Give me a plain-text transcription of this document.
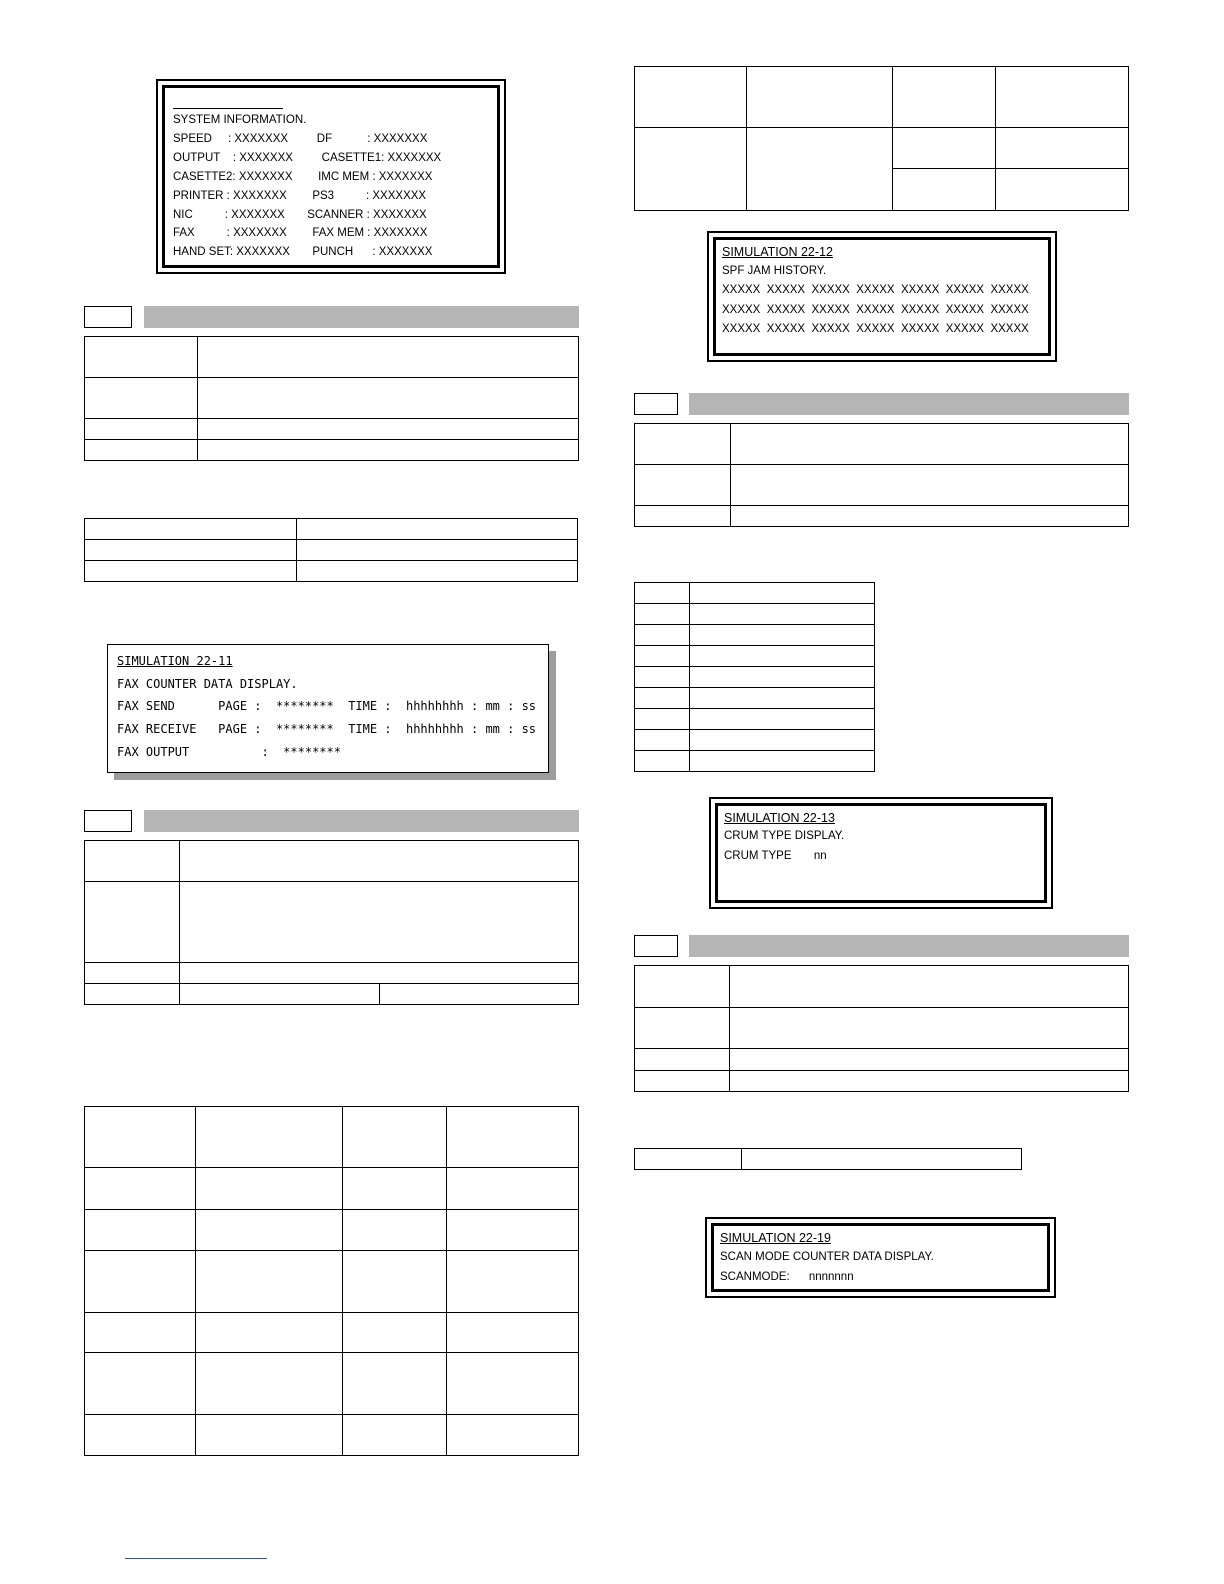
SYSTEM INFORMATION.
SPEED     : XXXXXXX         DF           : XXXXXXX
OUTPUT    : XXXXXXX         CASETTE1: XXXXXXX
CASETTE2: XXXXXXX        IMC MEM : XXXXXXX
PRINTER : XXXXXXX        PS3          : XXXXXXX
NIC          : XXXXXXX       SCANNER : XXXXXXX
FAX          : XXXXXXX        FAX MEM : XXXXXXX
HAND SET: XXXXXXX       PUNCH      : XXXXXXX

SIMULATION 22-11
FAX COUNTER DATA DISPLAY.
FAX SEND      PAGE :  ********  TIME :  hhhhhhhh : mm : ss
FAX RECEIVE   PAGE :  ********  TIME :  hhhhhhhh : mm : ss
FAX OUTPUT          :  ********

SIMULATION 22-12
SPF JAM HISTORY.
XXXXX  XXXXX  XXXXX  XXXXX  XXXXX  XXXXX  XXXXX
XXXXX  XXXXX  XXXXX  XXXXX  XXXXX  XXXXX  XXXXX
XXXXX  XXXXX  XXXXX  XXXXX  XXXXX  XXXXX  XXXXX

SIMULATION 22-13
CRUM TYPE DISPLAY.
CRUM TYPE       nn

SIMULATION 22-19
SCAN MODE COUNTER DATA DISPLAY.
SCANMODE:      nnnnnnn
